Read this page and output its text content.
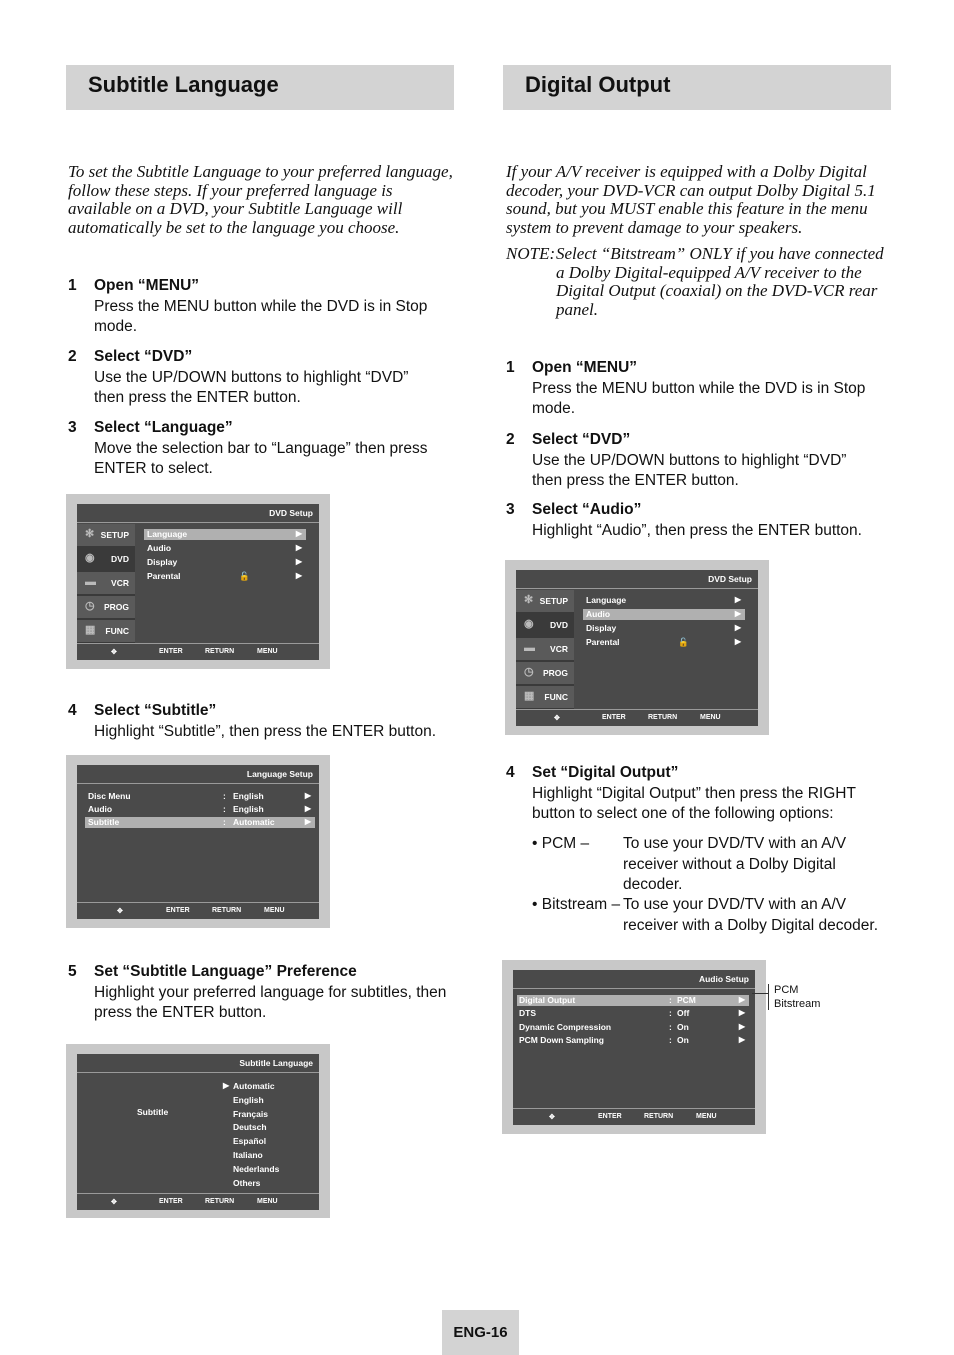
Subtitle Language
To set the Subtitle Language to your preferred language, follow these steps. If your preferred language is available on a DVD, your Subtitle Language will automatically be set to the language you choose.
1 Open “MENU”
Press the MENU button while the DVD is in Stop mode.
2 Select “DVD”
Use the UP/DOWN buttons to highlight “DVD” then press the ENTER button.
3 Select “Language”
Move the selection bar to “Language” then press ENTER to select.
DVD Setup
✻ SETUP
◉	DVD
▬	VCR
◷	PROG
▦	FUNC
Language	▶
Audio	▶
Display	▶
Parental	🔓	▶
✥	ENTER	RETURN	MENU
4 Select “Subtitle”
Highlight “Subtitle”, then press the ENTER button.
Language Setup
Disc Menu	: English	▶
Audio	: English	▶
Subtitle	: Automatic	▶
✥	ENTER	RETURN	MENU
5 Set “Subtitle Language” Preference
Highlight your preferred language for subtitles, then press the ENTER button.
Subtitle Language
Subtitle
▶ Automatic
English
Français
Deutsch
Español
Italiano
Nederlands
Others
✥	ENTER	RETURN	MENU
Digital Output
If your A/V receiver is equipped with a Dolby Digital decoder, your DVD-VCR can output Dolby Digital 5.1 sound, but you MUST enable this feature in the menu system to prevent damage to your speakers.
NOTE: Select “Bitstream” ONLY if you have connected a Dolby Digital-equipped A/V receiver to the Digital Output (coaxial) on the DVD-VCR rear panel.
1 Open “MENU”
Press the MENU button while the DVD is in Stop mode.
2 Select “DVD”
Use the UP/DOWN buttons to highlight “DVD” then press the ENTER button.
3 Select “Audio”
Highlight “Audio”, then press the ENTER button.
DVD Setup
✻ SETUP
◉	DVD
▬	VCR
◷	PROG
▦	FUNC
Language	▶
Audio	▶
Display	▶
Parental	🔓	▶
✥	ENTER	RETURN	MENU
4 Set “Digital Output”
Highlight “Digital Output” then press the RIGHT button to select one of the following options:
• PCM – To use your DVD/TV with an A/V receiver without a Dolby Digital decoder.
• Bitstream – To use your DVD/TV with an A/V receiver with a Dolby Digital decoder.
Audio Setup
Digital Output	: PCM	▶
DTS	: Off	▶
Dynamic Compression	: On	▶
PCM Down Sampling	: On	▶
✥	ENTER	RETURN	MENU
PCM
Bitstream
ENG-16
